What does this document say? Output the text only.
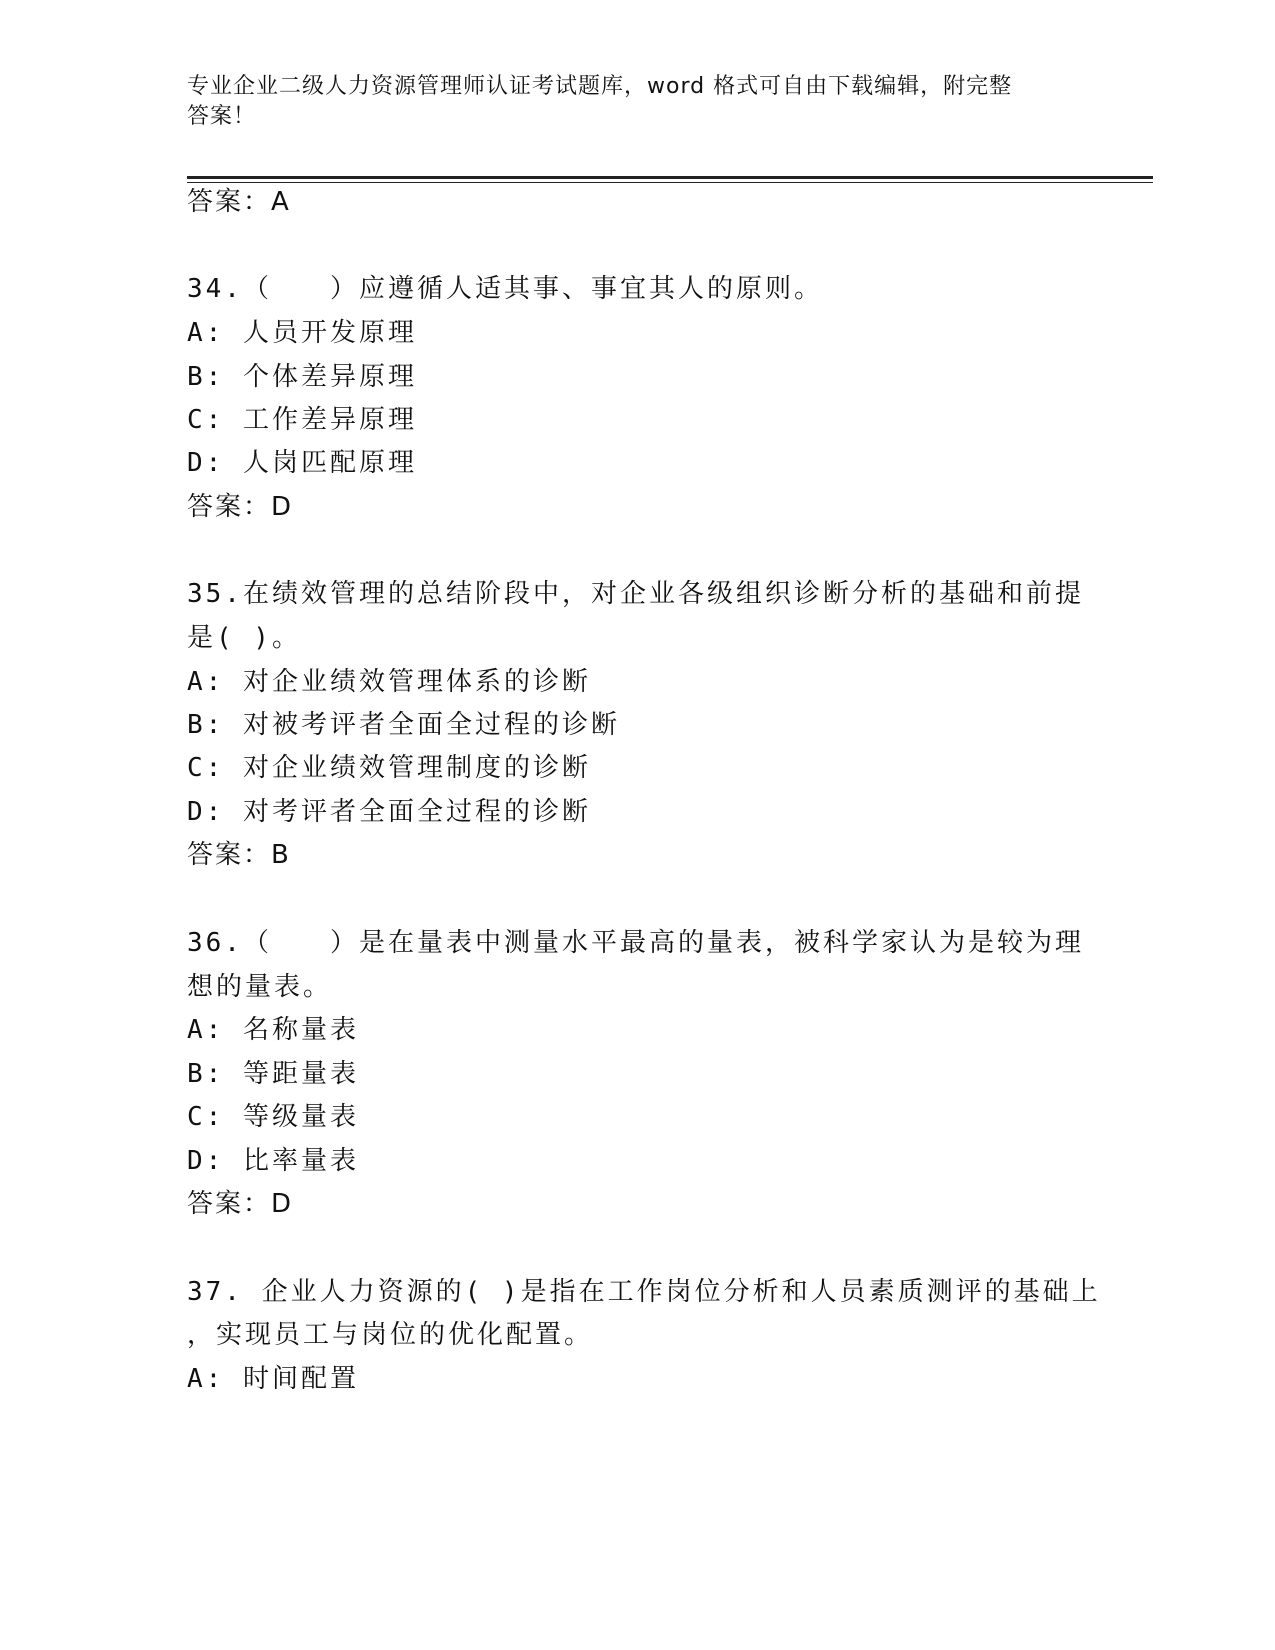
专业企业二级人力资源管理师认证考试题库，word 格式可自由下载编辑，附完整
答案！
答案：A
34.（　　）应遵循人适其事、事宜其人的原则。
A: 人员开发原理
B: 个体差异原理
C: 工作差异原理
D: 人岗匹配原理
答案：D
35.在绩效管理的总结阶段中，对企业各级组织诊断分析的基础和前提
是( )。
A: 对企业绩效管理体系的诊断
B: 对被考评者全面全过程的诊断
C: 对企业绩效管理制度的诊断
D: 对考评者全面全过程的诊断
答案：B
36.（　　）是在量表中测量水平最高的量表，被科学家认为是较为理
想的量表。
A: 名称量表
B: 等距量表
C: 等级量表
D: 比率量表
答案：D
37. 企业人力资源的( )是指在工作岗位分析和人员素质测评的基础上
，实现员工与岗位的优化配置。
A: 时间配置
